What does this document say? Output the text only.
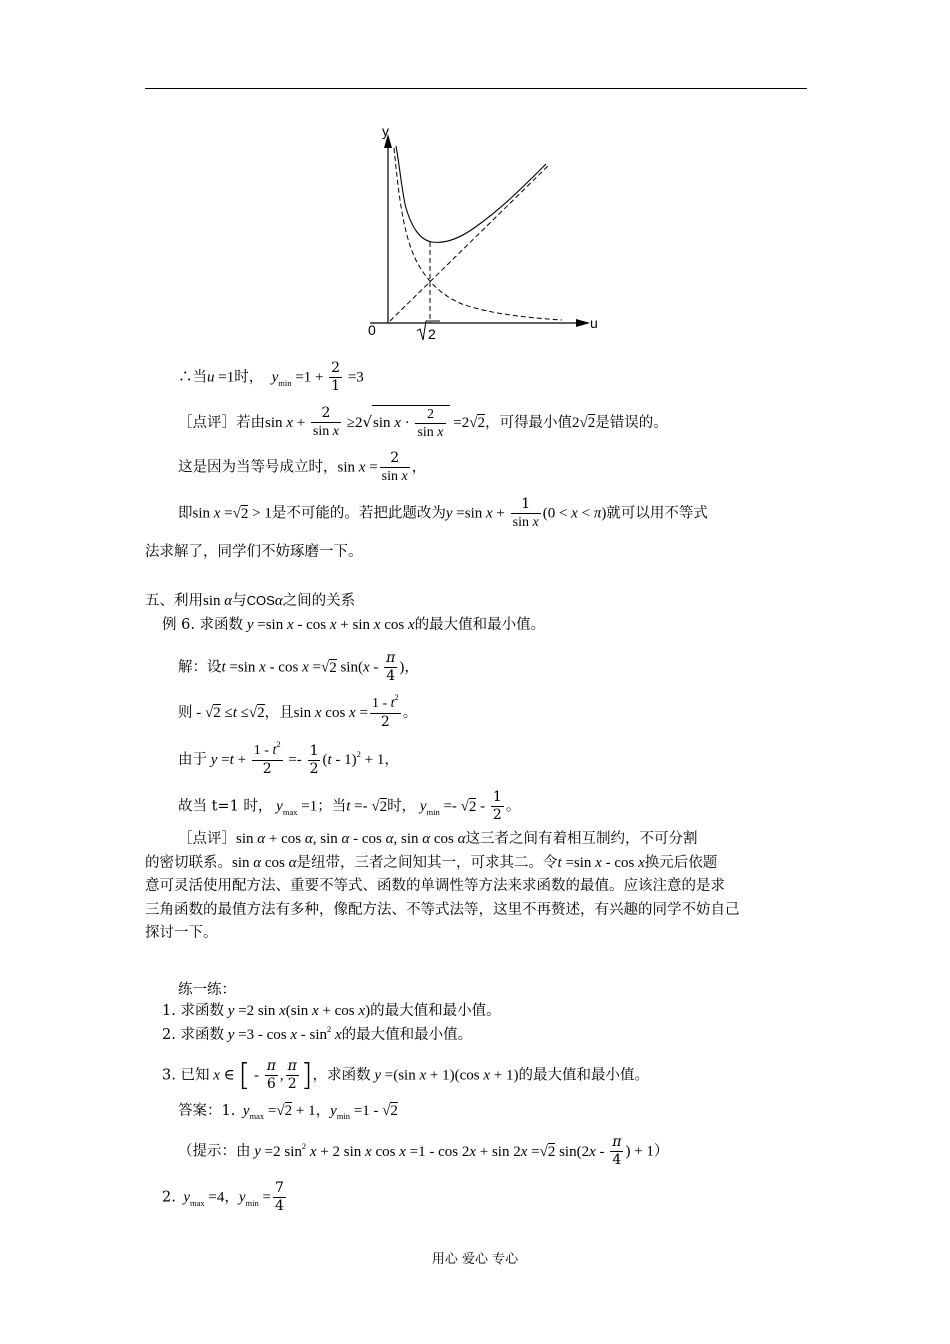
y
u
0	2
∴当u =1时，  $y_{min} =1 + \frac{2}{1} =3$
［点评］若由$\sin x + \frac{2}{\text{sin x}} \ge 2√\sin$ $x \cdot \frac{2}{\text{sin x}} =2√2$，可得最小值2√2是错误的。
这是因为当等号成立时，$\sin x = \frac{2}{\text{sin x}}$ ，
即sin x =√2 > 1是不可能的。若把此题改为y =sin $x + \frac{1}{\text{sin x}} (0 < x < \pi)$就可以用不等式
法求解了，同学们不妨琢磨一下。
五、利用sin α与COSα之间的关系
例 6. 求函数 y =sin x - cos x + sin x cos x的最大值和最小值。
解：设t =sin x - cos x =√2 $\sin(x - \frac{\pi}{4}$ )，
则 - √2 ≤t ≤√2，且sin x $\cos x = \frac{1 - t^2}{2}$ 。
由于 $y =t + \frac{1 - t^2}{2} =- \frac{1}{2} (t - 1)^2 + 1$，
故当 t=1 时， $y_{max} =1$；当t =- √2时， $y_{min} =- √2 - \frac{1}{2}$ 。
［点评］sin α + cos α, sin α - cos α, sin α cos α这三者之间有着相互制约，不可分割
的密切联系。sin α cos α是纽带，三者之间知其一，可求其二。令t =sin x - cos x换元后依题
意可灵活使用配方法、重要不等式、函数的单调性等方法来求函数的最值。应该注意的是求
三角函数的最值方法有多种，像配方法、不等式法等，这里不再赘述，有兴趣的同学不妨自己
探讨一下。
练一练：
1. 求函数 y =2 sin x(sin x + cos x)的最大值和最小值。
2. 求函数 $y =3 - \cos x - \sin^2 x$的最大值和最小值。
3. 已知 x ∈ [ - $\frac{\pi}{6}$ , $\frac{\pi}{2}$ ]，求函数 y =(sin x + 1)(cos x + 1)的最大值和最小值。
答案：1.  $y_{max} =√2 + 1$，$y_{min} =1 - √2$
（提示：由 y =2 $\sin^2 x + 2$ sin x cos x =1 - cos 2x + sin 2x =√2 $\sin(2x - \frac{\pi}{4}$ ) + 1）
2.  $y_{max} =4$，$y_{min} = \frac{7}{4}$
用心 爱心 专心
